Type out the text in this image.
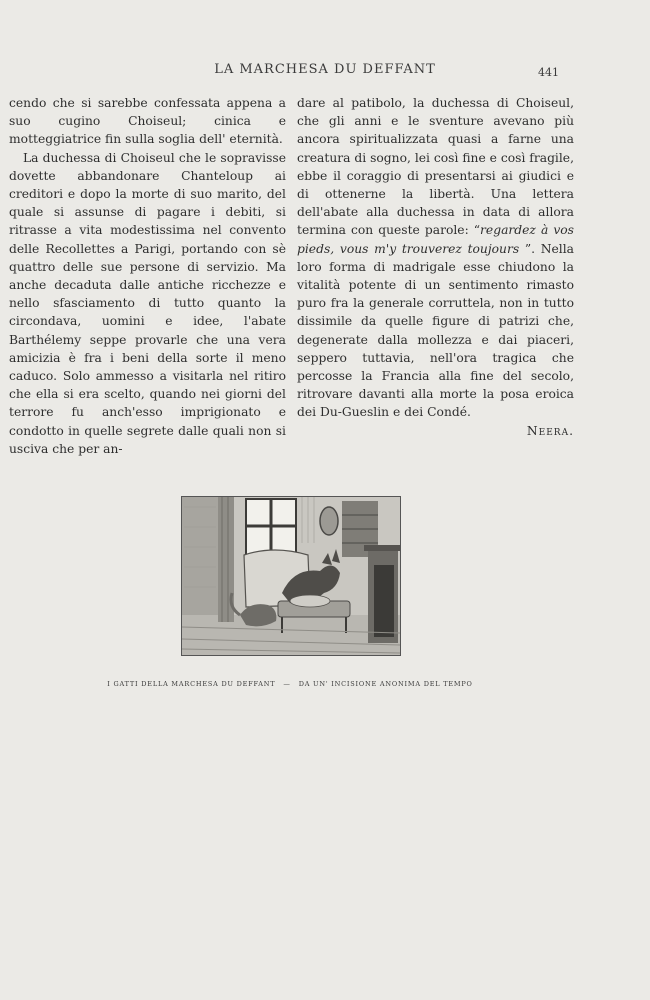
LA MARCHESA DU DEFFANT	441

cendo che si sarebbe confessata appena a suo cugino Choiseul; cinica e motteggiatrice fin sulla soglia dell' eternità.

La duchessa di Choiseul che le sopravisse dovette abbandonare Chanteloup ai creditori e dopo la morte di suo marito, del quale si assunse di pagare i debiti, si ritrasse a vita modestissima nel convento delle Recollettes a Parigi, portando con sè quattro delle sue persone di servizio. Ma anche decaduta dalle antiche ricchezze e nello sfasciamento di tutto quanto la circondava, uomini e idee, l'abate Barthélemy seppe provarle che una vera amicizia è fra i beni della sorte il meno caduco. Solo ammesso a visitarla nel ritiro che ella si era scelto, quando nei giorni del terrore fu anch'esso imprigionato e condotto in quelle segrete dalle quali non si usciva che per an-

dare al patibolo, la duchessa di Choiseul, che gli anni e le sventure avevano più ancora spiritualizzata quasi a farne una creatura di sogno, lei così fine e così fragile, ebbe il coraggio di presentarsi ai giudici e di ottenerne la libertà. Una lettera dell'abate alla duchessa in data di allora termina con queste parole: “regardez à vos pieds, vous m'y trouverez toujours ”. Nella loro forma di madrigale esse chiudono la vitalità potente di un sentimento rimasto puro fra la generale corruttela, non in tutto dissimile da quelle figure di patrizi che, degenerate dalla mollezza e dai piaceri, seppero tuttavia, nell'ora tragica che percosse la Francia alla fine del secolo, ritrovare davanti alla morte la posa eroica dei Du-Gueslin e dei Condé.

Neera.
I GATTI DELLA MARCHESA DU DEFFANT — DA UN' INCISIONE ANONIMA DEL TEMPO
